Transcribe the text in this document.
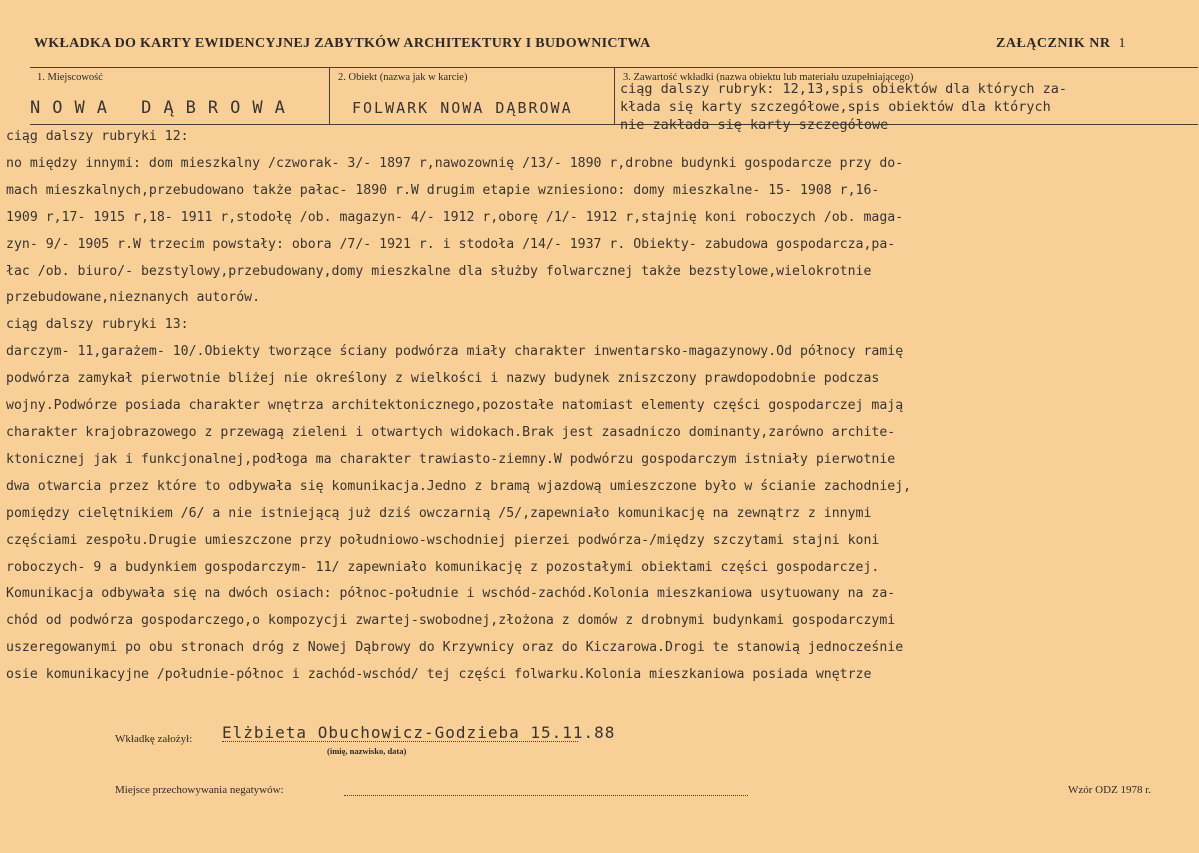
WKŁADKA DO KARTY EWIDENCYJNEJ ZABYTKÓW ARCHITEKTURY I BUDOWNICTWA	ZAŁĄCZNIK NR 1
1. Miejscowość
NOWA DĄBROWA
2. Obiekt (nazwa jak w karcie)
FOLWARK NOWA DĄBROWA
3. Zawartość wkładki (nazwa obiektu lub materiału uzupełniającego)
ciąg dalszy rubryk: 12,13,spis obiektów dla których za-
kłada się karty szczegółowe,spis obiektów dla których
nie zakłada się karty szczegółowe
ciąg dalszy rubryki 12:
no między innymi: dom mieszkalny /czworak- 3/- 1897 r,nawozownię /13/- 1890 r,drobne budynki gospodarcze przy do-
mach mieszkalnych,przebudowano także pałac- 1890 r.W drugim etapie wzniesiono: domy mieszkalne- 15- 1908 r,16-
1909 r,17- 1915 r,18- 1911 r,stodołę /ob. magazyn- 4/- 1912 r,oborę /1/- 1912 r,stajnię koni roboczych /ob. maga-
zyn- 9/- 1905 r.W trzecim powstały: obora /7/- 1921 r. i stodoła /14/- 1937 r. Obiekty- zabudowa gospodarcza,pa-
łac /ob. biuro/- bezstylowy,przebudowany,domy mieszkalne dla służby folwarcznej także bezstylowe,wielokrotnie
przebudowane,nieznanych autorów.
ciąg dalszy rubryki 13:
darczym- 11,garażem- 10/.Obiekty tworzące ściany podwórza miały charakter inwentarsko-magazynowy.Od północy ramię
podwórza zamykał pierwotnie bliżej nie określony z wielkości i nazwy budynek zniszczony prawdopodobnie podczas
wojny.Podwórze posiada charakter wnętrza architektonicznego,pozostałe natomiast elementy części gospodarczej mają
charakter krajobrazowego z przewagą zieleni i otwartych widokach.Brak jest zasadniczo dominanty,zarówno archite-
ktonicznej jak i funkcjonalnej,podłoga ma charakter trawiasto-ziemny.W podwórzu gospodarczym istniały pierwotnie
dwa otwarcia przez które to odbywała się komunikacja.Jedno z bramą wjazdową umieszczone było w ścianie zachodniej,
pomiędzy cielętnikiem /6/ a nie istniejącą już dziś owczarnią /5/,zapewniało komunikację na zewnątrz z innymi
częściami zespołu.Drugie umieszczone przy południowo-wschodniej pierzei podwórza-/między szczytami stajni koni
roboczych- 9 a budynkiem gospodarczym- 11/ zapewniało komunikację z pozostałymi obiektami części gospodarczej.
Komunikacja odbywała się na dwóch osiach: północ-południe i wschód-zachód.Kolonia mieszkaniowa usytuowany na za-
chód od podwórza gospodarczego,o kompozycji zwartej-swobodnej,złożona z domów z drobnymi budynkami gospodarczymi
uszeregowanymi po obu stronach dróg z Nowej Dąbrowy do Krzywnicy oraz do Kiczarowa.Drogi te stanowią jednocześnie
osie komunikacyjne /południe-północ i zachód-wschód/ tej części folwarku.Kolonia mieszkaniowa posiada wnętrze
Wkładkę założył: Elżbieta Obuchowicz-Godzieba 15.11.88
(imię, nazwisko, data)
Miejsce przechowywania negatywów:	Wzór ODZ 1978 r.
